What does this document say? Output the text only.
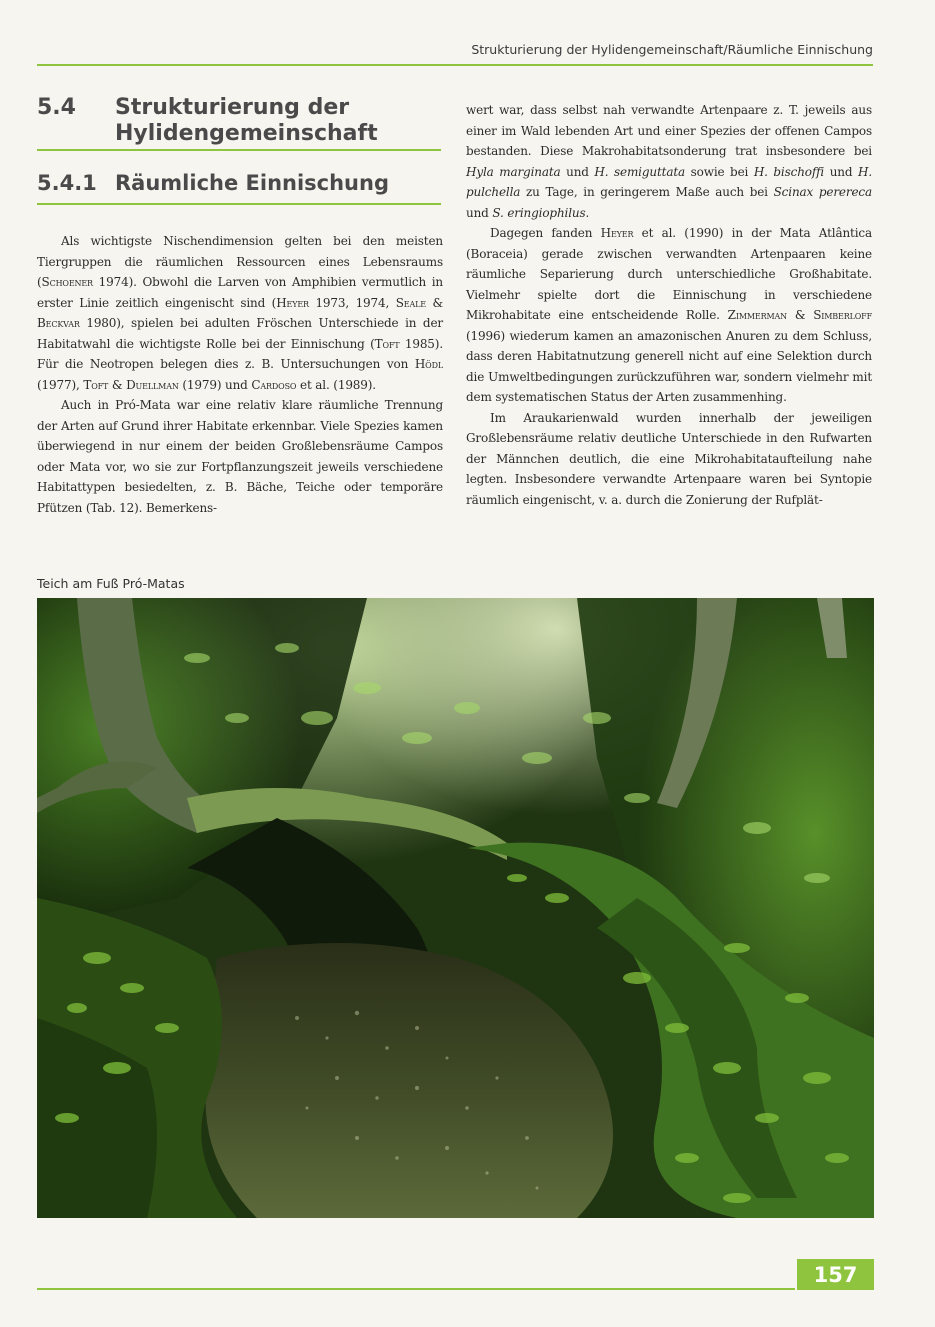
Strukturierung der Hylidengemeinschaft/Räumliche Einnischung
5.4 Strukturierung der Hylidengemeinschaft
5.4.1 Räumliche Einnischung

Als wichtigste Nischendimension gelten bei den meisten Tiergruppen die räumlichen Ressourcen eines Lebensraums (Schoener 1974). Obwohl die Larven von Amphibien vermutlich in erster Linie zeitlich eingenischt sind (Heyer 1973, 1974, Seale & Beckvar 1980), spielen bei adulten Fröschen Unterschiede in der Habitatwahl die wichtigste Rolle bei der Einnischung (Toft 1985). Für die Neotropen belegen dies z. B. Untersuchungen von Hödl (1977), Toft & Duellman (1979) und Cardoso et al. (1989).

Auch in Pró-Mata war eine relativ klare räumliche Trennung der Arten auf Grund ihrer Habitate erkennbar. Viele Spezies kamen überwiegend in nur einem der beiden Großlebensräume Campos oder Mata vor, wo sie zur Fortpflanzungszeit jeweils verschiedene Habitattypen besiedelten, z. B. Bäche, Teiche oder temporäre Pfützen (Tab. 12). Bemerkens-

wert war, dass selbst nah verwandte Artenpaare z. T. jeweils aus einer im Wald lebenden Art und einer Spezies der offenen Campos bestanden. Diese Makrohabitatsonderung trat insbesondere bei Hyla marginata und H. semiguttata sowie bei H. bischoffi und H. pulchella zu Tage, in geringerem Maße auch bei Scinax perereca und S. eringiophilus.

Dagegen fanden Heyer et al. (1990) in der Mata Atlântica (Boraceia) gerade zwischen verwandten Artenpaaren keine räumliche Separierung durch unterschiedliche Großhabitate. Vielmehr spielte dort die Einnischung in verschiedene Mikrohabitate eine entscheidende Rolle. Zimmerman & Simberloff (1996) wiederum kamen an amazonischen Anuren zu dem Schluss, dass deren Habitatnutzung generell nicht auf eine Selektion durch die Umweltbedingungen zurückzuführen war, sondern vielmehr mit dem systematischen Status der Arten zusammenhing.

Im Araukarienwald wurden innerhalb der jeweiligen Großlebensräume relativ deutliche Unterschiede in den Rufwarten der Männchen deutlich, die eine Mikrohabitataufteilung nahe legten. Insbesondere verwandte Artenpaare waren bei Syntopie räumlich eingenischt, v. a. durch die Zonierung der Rufplät-

Teich am Fuß Pró-Matas
157
